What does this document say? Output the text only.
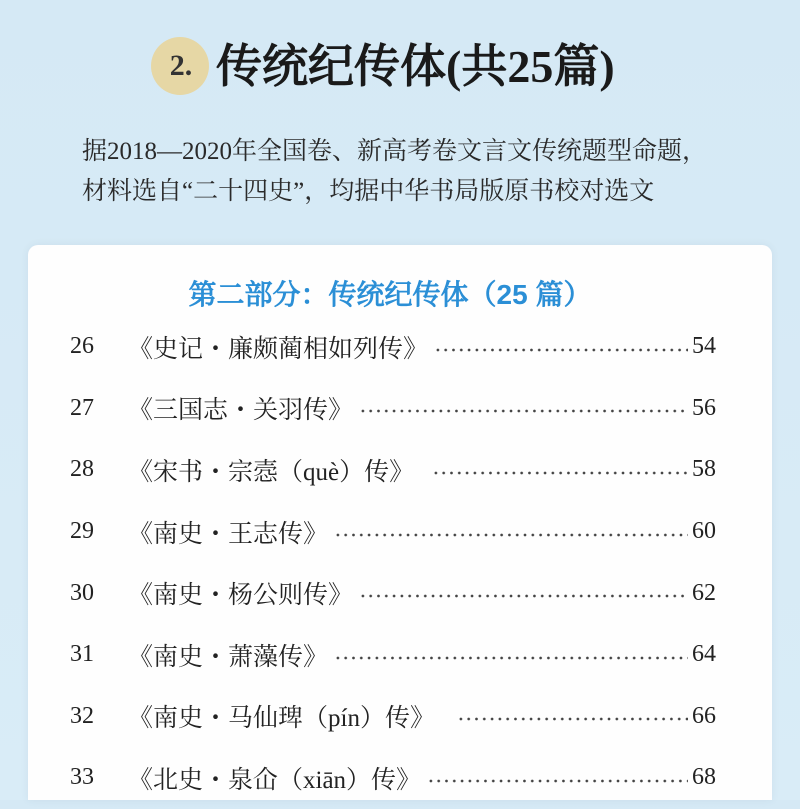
2. 传统纪传体(共25篇)
据2018—2020年全国卷、新高考卷文言文传统题型命题，
材料选自“二十四史”，均据中华书局版原书校对选文
第二部分：传统纪传体（25 篇）
26	《史记・廉颇蔺相如列传》	54
27	《三国志・关羽传》	56
28	《宋书・宗悫（què）传》	58
29	《南史・王志传》	60
30	《南史・杨公则传》	62
31	《南史・萧藻传》	64
32	《南史・马仙琕（pín）传》	66
33	《北史・泉仚（xiān）传》	68
